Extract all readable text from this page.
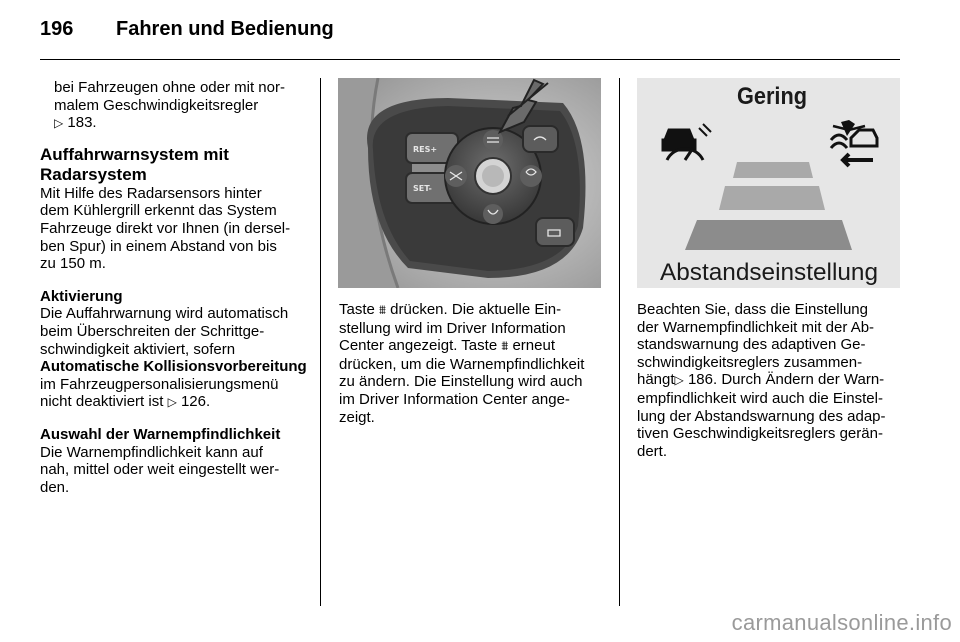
196 Fahren und Bedienung

bei Fahrzeugen ohne oder mit nor-

malem Geschwindigkeitsregler

▷ 183.

Auffahrwarnsystem mit

Radarsystem

Mit Hilfe des Radarsensors hinter

dem Kühlergrill erkennt das System

Fahrzeuge direkt vor Ihnen (in dersel-

ben Spur) in einem Abstand von bis

zu 150 m.

Aktivierung

Die Auffahrwarnung wird automatisch

beim Überschreiten der Schrittge-

schwindigkeit aktiviert, sofern

Automatische Kollisionsvorbereitung

im Fahrzeugpersonalisierungsmenü

nicht deaktiviert ist ▷ 126.

Auswahl der Warnempfindlichkeit

Die Warnempfindlichkeit kann auf

nah, mittel oder weit eingestellt wer-

den.

RES+
SET-

Taste ⩩ drücken. Die aktuelle Ein-

stellung wird im Driver Information

Center angezeigt. Taste ⩩ erneut

drücken, um die Warnempfindlichkeit

zu ändern. Die Einstellung wird auch

im Driver Information Center ange-

zeigt.

Gering
Abstandseinstellung

Beachten Sie, dass die Einstellung

der Warnempfindlichkeit mit der Ab-

standswarnung des adaptiven Ge-

schwindigkeitsreglers zusammen-

hängt▷ 186. Durch Ändern der Warn-

empfindlichkeit wird auch die Einstel-

lung der Abstandswarnung des adap-

tiven Geschwindigkeitsreglers gerän-

dert.

carmanualsonline.info
